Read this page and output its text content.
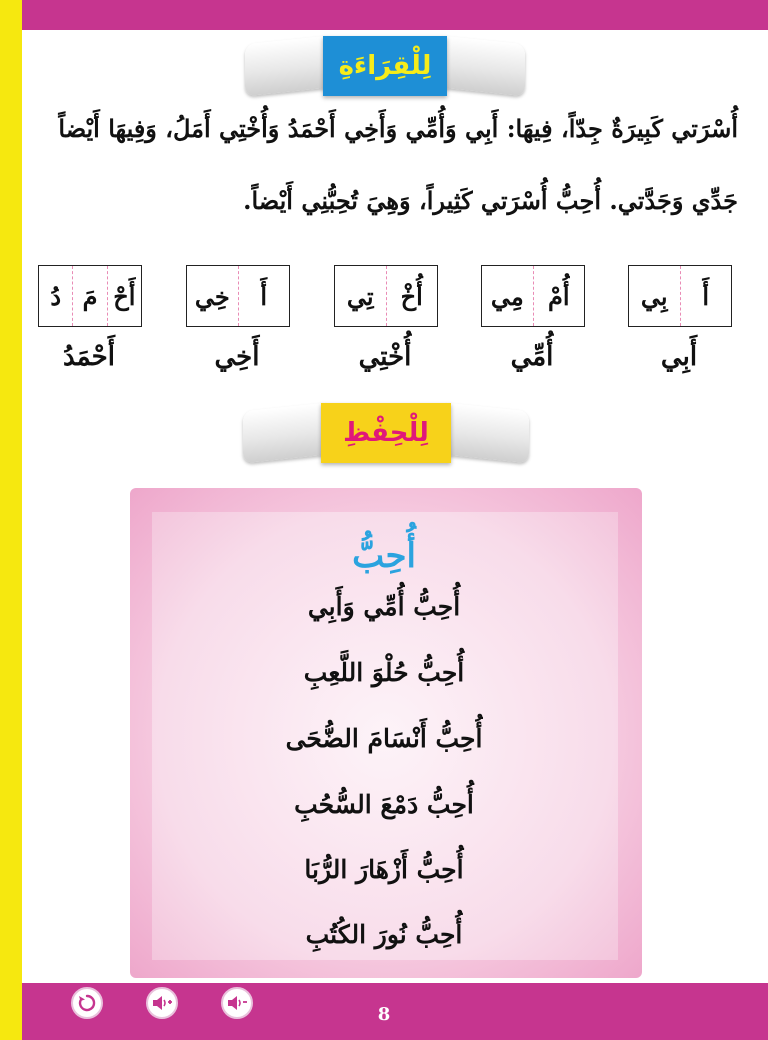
لِلْقِرَاءَةِ
أُسْرَتي كَبِيرَةٌ جِدّاً، فِيهَا: أَبِي وَأُمِّي وَأَخِي أَحْمَدُ وَأُخْتِي أَمَلُ، وَفِيهَا أَيْضاً
جَدِّي وَجَدَّتي. أُحِبُّ أُسْرَتي كَثِيراً، وَهِيَ تُحِبُّنِي أَيْضاً.
أَ
بِي
أُمْ
مِي
أُخْ
تِي
أَ
خِي
أَحْ
مَ
دُ
أَبِي
أُمِّي
أُخْتِي
أَخِي
أَحْمَدُ
لِلْحِفْظِ
أُحِبُّ
أُحِبُّ أُمِّي وَأَبِي
أُحِبُّ حُلْوَ اللَّعِبِ
أُحِبُّ أَنْسَامَ الضُّحَى
أُحِبُّ دَمْعَ السُّحُبِ
أُحِبُّ أَزْهَارَ الرُّبَا
أُحِبُّ نُورَ الكُتُبِ
8
